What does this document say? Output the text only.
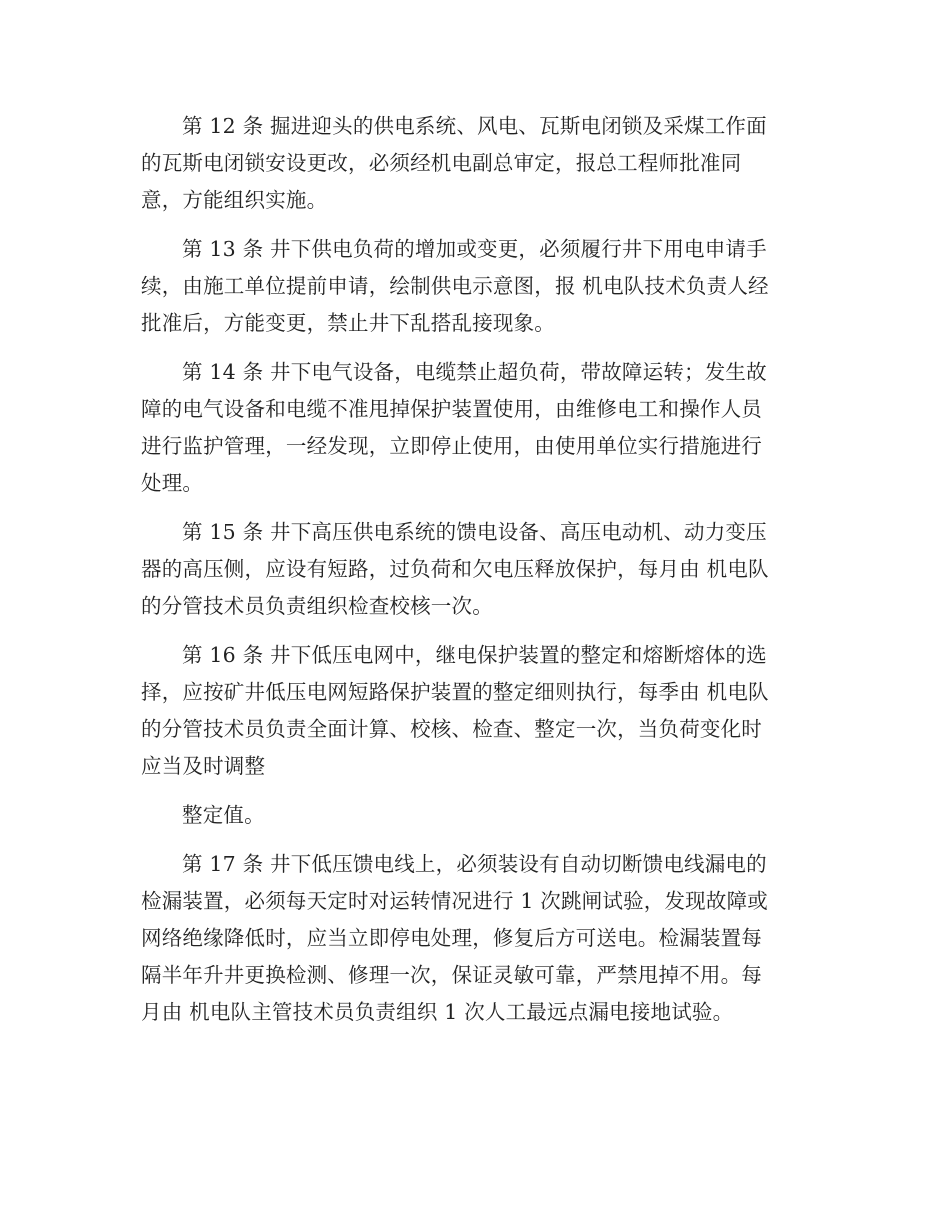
第 12 条 掘进迎头的供电系统、风电、瓦斯电闭锁及采煤工作面
的瓦斯电闭锁安设更改，必须经机电副总审定，报总工程师批准同
意，方能组织实施。

第 13 条 井下供电负荷的增加或变更，必须履行井下用电申请手
续，由施工单位提前申请，绘制供电示意图，报 机电队技术负责人经
批准后，方能变更，禁止井下乱搭乱接现象。

第 14 条 井下电气设备，电缆禁止超负荷，带故障运转；发生故
障的电气设备和电缆不准甩掉保护装置使用，由维修电工和操作人员
进行监护管理，一经发现，立即停止使用，由使用单位实行措施进行
处理。

第 15 条 井下高压供电系统的馈电设备、高压电动机、动力变压
器的高压侧，应设有短路，过负荷和欠电压释放保护，每月由 机电队
的分管技术员负责组织检查校核一次。

第 16 条 井下低压电网中，继电保护装置的整定和熔断熔体的选
择，应按矿井低压电网短路保护装置的整定细则执行，每季由 机电队
的分管技术员负责全面计算、校核、检查、整定一次，当负荷变化时
应当及时调整

整定值。

第 17 条 井下低压馈电线上，必须装设有自动切断馈电线漏电的
检漏装置，必须每天定时对运转情况进行 1 次跳闸试验，发现故障或
网络绝缘降低时，应当立即停电处理，修复后方可送电。检漏装置每
隔半年升井更换检测、修理一次，保证灵敏可靠，严禁甩掉不用。每
月由 机电队主管技术员负责组织 1 次人工最远点漏电接地试验。
